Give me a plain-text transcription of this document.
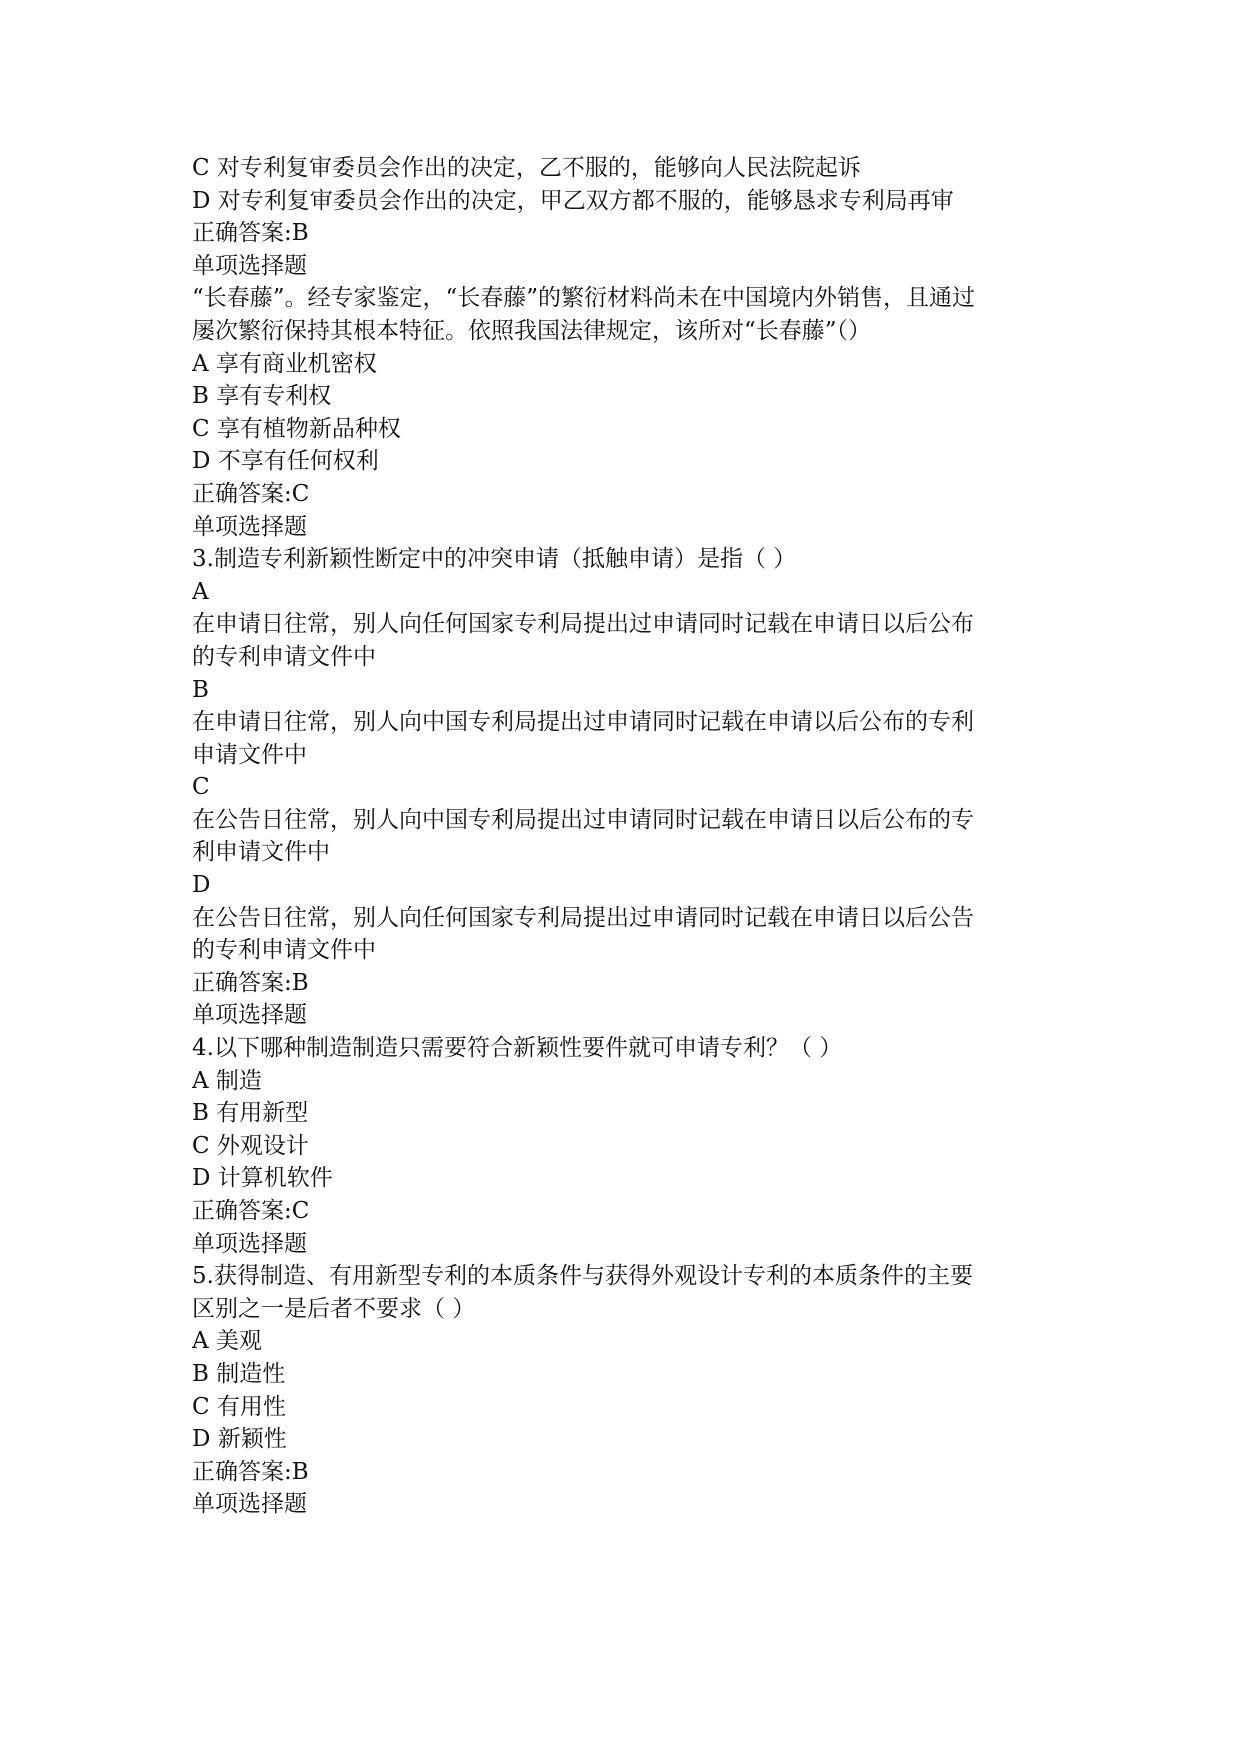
C 对专利复审委员会作出的决定，乙不服的，能够向人民法院起诉
D 对专利复审委员会作出的决定，甲乙双方都不服的，能够恳求专利局再审
正确答案:B
单项选择题
“长春藤”。经专家鉴定，“长春藤”的繁衍材料尚未在中国境内外销售，且通过
屡次繁衍保持其根本特征。依照我国法律规定，该所对“长春藤”（）
A 享有商业机密权
B 享有专利权
C 享有植物新品种权
D 不享有任何权利
正确答案:C
单项选择题
3.制造专利新颖性断定中的冲突申请（抵触申请）是指（ ）
A
在申请日往常，别人向任何国家专利局提出过申请同时记载在申请日以后公布
的专利申请文件中
B
在申请日往常，别人向中国专利局提出过申请同时记载在申请以后公布的专利
申请文件中
C
在公告日往常，别人向中国专利局提出过申请同时记载在申请日以后公布的专
利申请文件中
D
在公告日往常，别人向任何国家专利局提出过申请同时记载在申请日以后公告
的专利申请文件中
正确答案:B
单项选择题
4.以下哪种制造制造只需要符合新颖性要件就可申请专利？（ ）
A 制造
B 有用新型
C 外观设计
D 计算机软件
正确答案:C
单项选择题
5.获得制造、有用新型专利的本质条件与获得外观设计专利的本质条件的主要
区别之一是后者不要求（ ）
A 美观
B 制造性
C 有用性
D 新颖性
正确答案:B
单项选择题
